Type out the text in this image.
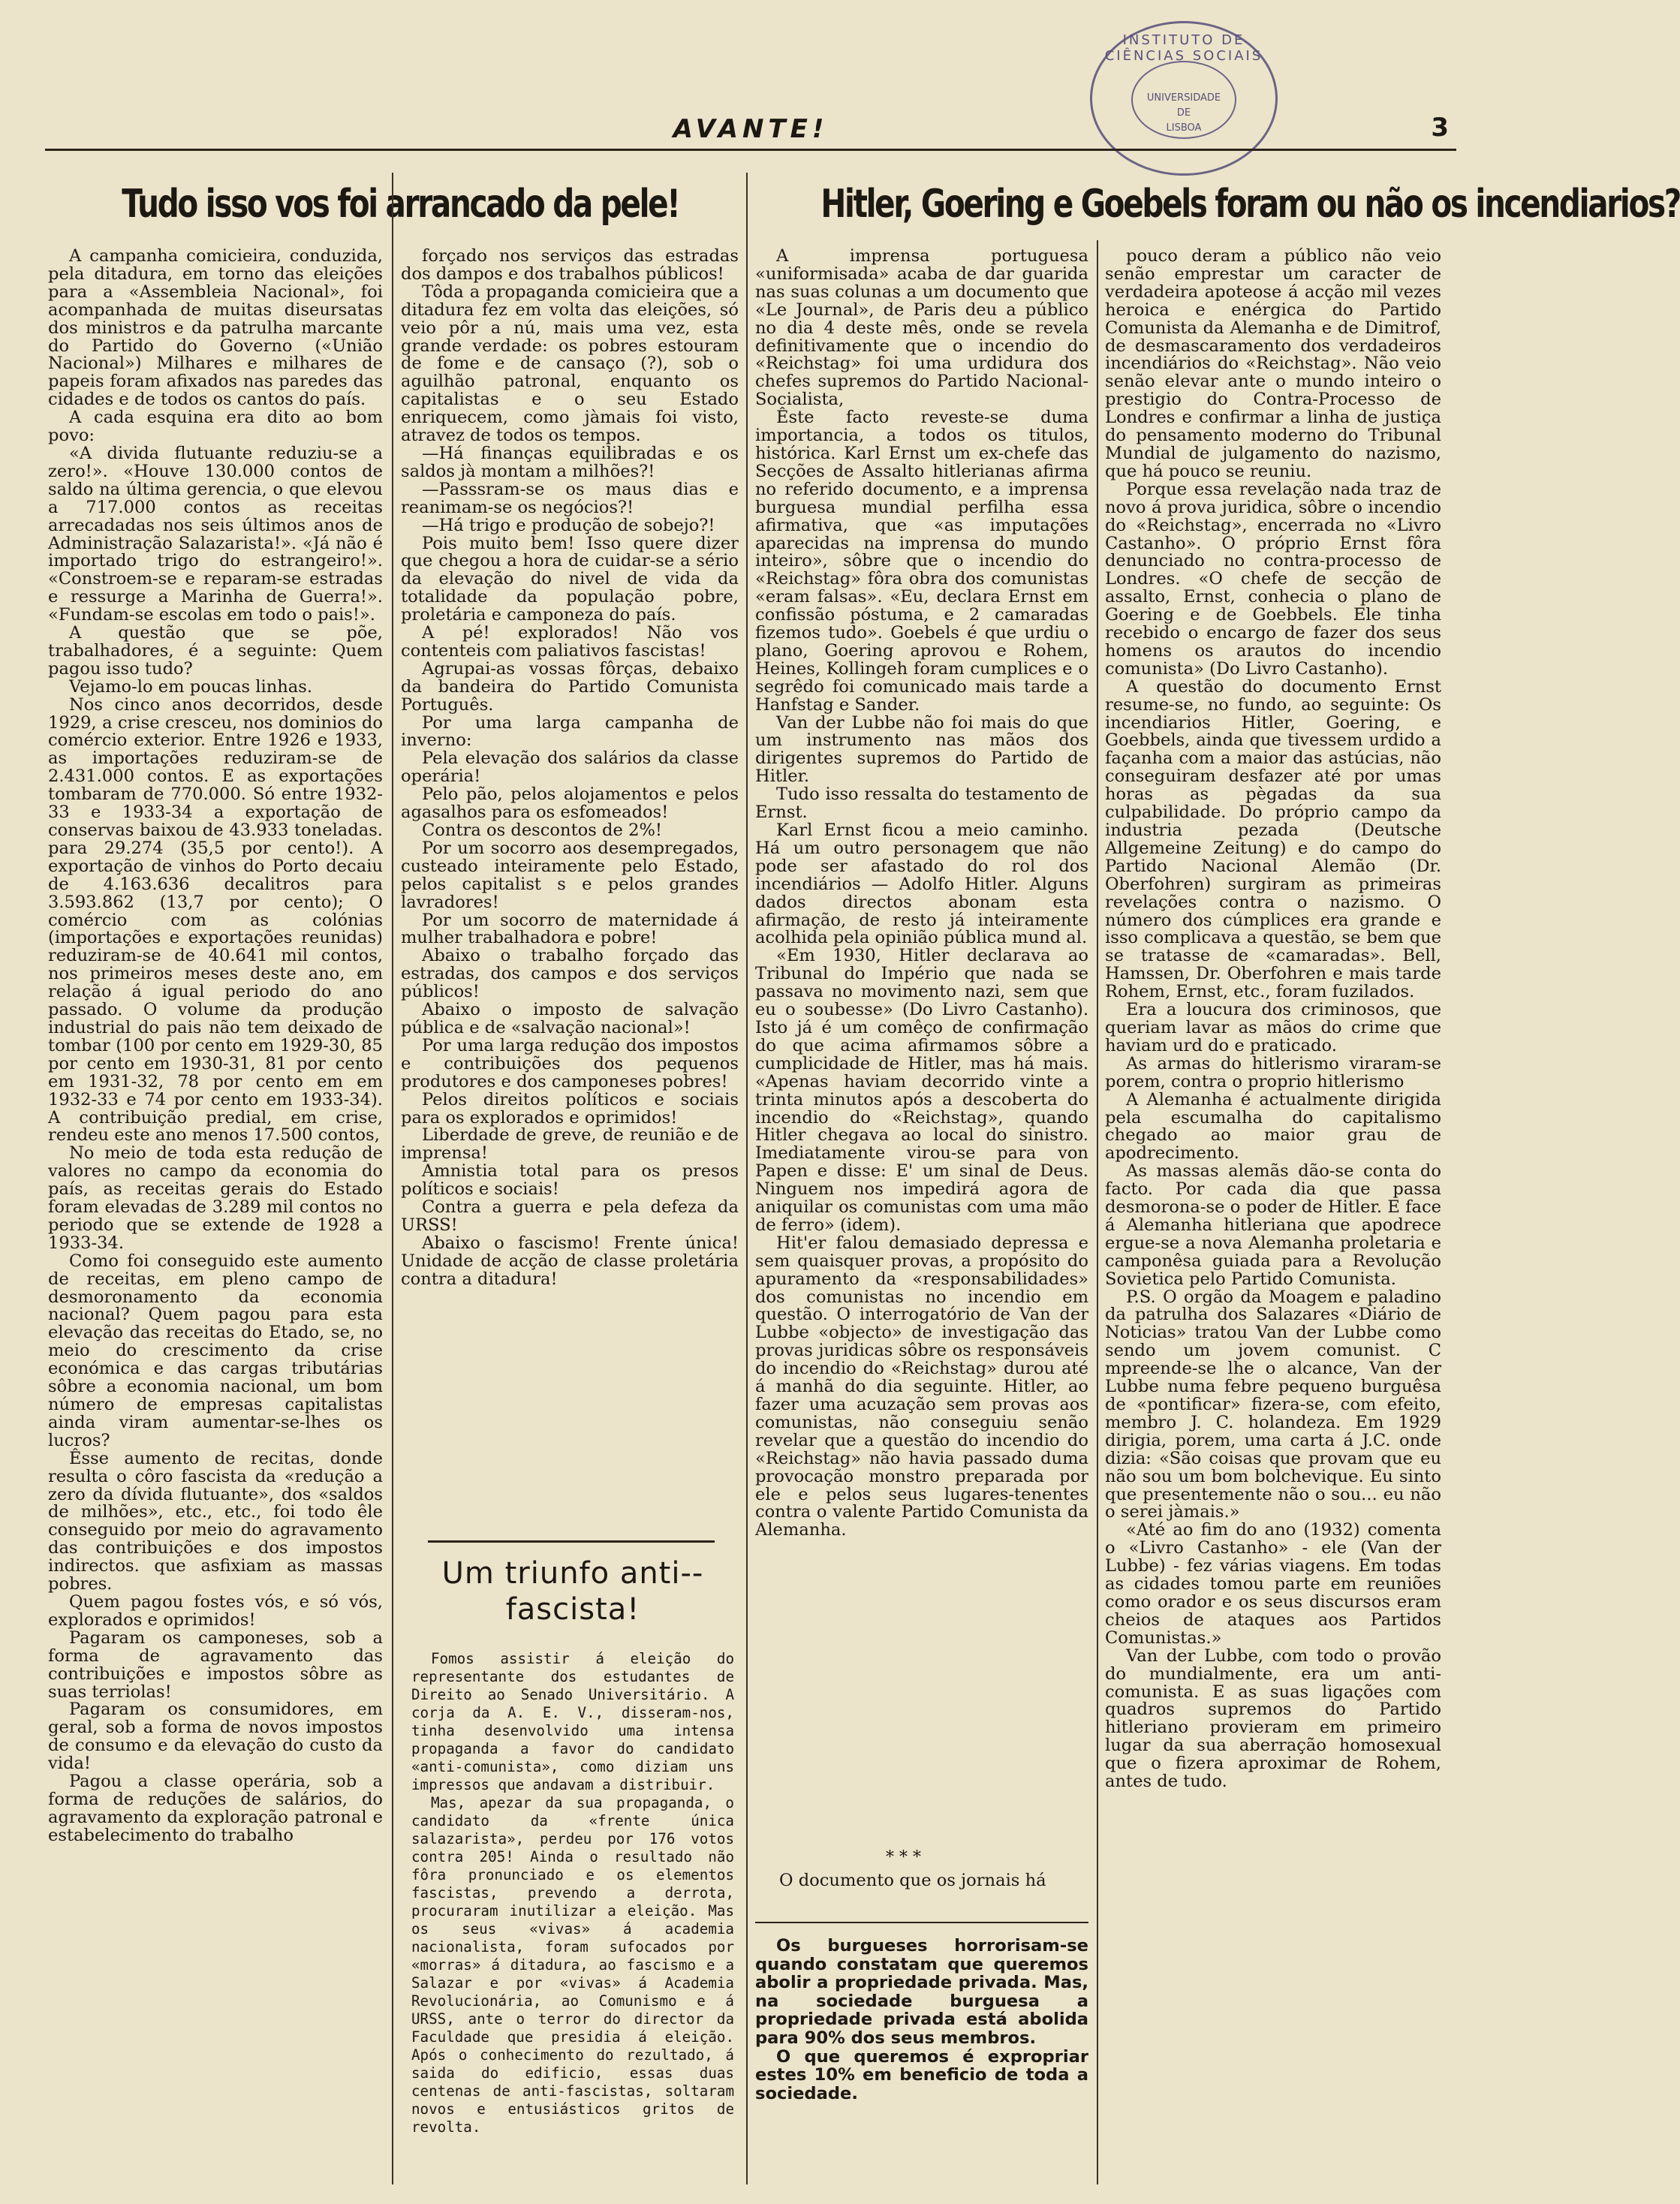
INSTITUTO DE CIÊNCIAS SOCIAIS
UNIVERSIDADE
DE
LISBOA
AVANTE!	3
Tudo isso vos foi arrancado da pele!	Hitler, Goering e Goebels foram ou não os incendiarios?

A campanha comicieira, conduzida, pela ditadura, em torno das eleições para a «Assembleia Nacional», foi acompanhada de muitas diseursatas dos ministros e da patrulha marcante do Partido do Governo («União Nacional») Milhares e milhares de papeis foram afixados nas paredes das cidades e de todos os cantos do país.

A cada esquina era dito ao bom povo:

«A divida flutuante reduziu-se a zero!». «Houve 130.000 contos de saldo na última gerencia, o que elevou a 717.000 contos as receitas arrecadadas nos seis últimos anos de Administração Salazarista!». «Já não é importado trigo do estrangeiro!». «Constroem-se e reparam-se estradas e ressurge a Marinha de Guerra!». «Fundam-se escolas em todo o pais!».

A questão que se põe, trabalhadores, é a seguinte: Quem pagou isso tudo?

Vejamo-lo em poucas linhas.

Nos cinco anos decorridos, desde 1929, a crise cresceu, nos dominios do comércio exterior. Entre 1926 e 1933, as importações reduziram-se de 2.431.000 contos. E as exportações tombaram de 770.000. Só entre 1932-33 e 1933-34 a exportação de conservas baixou de 43.933 toneladas. para 29.274 (35,5 por cento!). A exportação de vinhos do Porto decaiu de 4.163.636 decalitros para 3.593.862 (13,7 por cento); O comércio com as colónias (importações e exportações reunidas) reduziram-se de 40.641 mil contos, nos primeiros meses deste ano, em relação á igual periodo do ano passado. O volume da produção industrial do pais não tem deixado de tombar (100 por cento em 1929-30, 85 por cento em 1930-31, 81 por cento em 1931-32, 78 por cento em em 1932-33 e 74 por cento em 1933-34). A contribuição predial, em crise, rendeu este ano menos 17.500 contos,

No meio de toda esta redução de valores no campo da economia do país, as receitas gerais do Estado foram elevadas de 3.289 mil contos no periodo que se extende de 1928 a 1933-34.

Como foi conseguido este aumento de receitas, em pleno campo de desmoronamento da economia nacional? Quem pagou para esta elevação das receitas do Etado, se, no meio do crescimento da crise económica e das cargas tributárias sôbre a economia nacional, um bom número de empresas capitalistas ainda viram aumentar-se-lhes os lucros?

Êsse aumento de recitas, donde resulta o côro fascista da «redução a zero da dívida flutuante», dos «saldos de milhões», etc., etc., foi todo êle conseguido por meio do agravamento das contribuições e dos impostos indirectos. que asfixiam as massas pobres.

Quem pagou fostes vós, e só vós, explorados e oprimidos!

Pagaram os camponeses, sob a forma de agravamento das contribuições e impostos sôbre as suas terriolas!

Pagaram os consumidores, em geral, sob a forma de novos impostos de consumo e da elevação do custo da vida!

Pagou a classe operária, sob a forma de reduções de salários, do agravamento da exploração patronal e estabelecimento do trabalho

forçado nos serviços das estradas dos dampos e dos trabalhos públicos!

Tôda a propaganda comicieira que a ditadura fez em volta das eleições, só veio pôr a nú, mais uma vez, esta grande verdade: os pobres estouram de fome e de cansaço (?), sob o aguilhão patronal, enquanto os capitalistas e o seu Estado enriquecem, como jàmais foi visto, atravez de todos os tempos.

—Há finanças equilibradas e os saldos jà montam a milhões?!

—Passsram-se os maus dias e reanimam-se os negócios?!

—Há trigo e produção de sobejo?!

Pois muito bem! Isso quere dizer que chegou a hora de cuidar-se a sério da elevação do nivel de vida da totalidade da população pobre, proletária e camponeza do país.

A pé! explorados! Não vos contenteis com paliativos fascistas!

Agrupai-as vossas fôrças, debaixo da bandeira do Partido Comunista Português.

Por uma larga campanha de inverno:

Pela elevação dos salários da classe operária!

Pelo pão, pelos alojamentos e pelos agasalhos para os esfomeados!

Contra os descontos de 2%!

Por um socorro aos desempregados, custeado inteiramente pelo Estado, pelos capitalist s e pelos grandes lavradores!

Por um socorro de maternidade á mulher trabalhadora e pobre!

Abaixo o trabalho forçado das estradas, dos campos e dos serviços públicos!

Abaixo o imposto de salvação pública e de «salvação nacional»!

Por uma larga redução dos impostos e contribuições dos pequenos produtores e dos camponeses pobres!

Pelos direitos políticos e sociais para os explorados e oprimidos!

Liberdade de greve, de reunião e de imprensa!

Amnistia total para os presos políticos e sociais!

Contra a guerra e pela defeza da URSS!

Abaixo o fascismo! Frente única! Unidade de acção de classe proletária contra a ditadura!

Um triunfo anti--fascista!

Fomos assistir á eleição do representante dos estudantes de Direito ao Senado Universitário. A corja da A. E. V., disseram-nos, tinha desenvolvido uma intensa propaganda a favor do candidato «anti-comunista», como diziam uns impressos que andavam a distribuir.

Mas, apezar da sua propaganda, o candidato da «frente única salazarista», perdeu por 176 votos contra 205! Ainda o resultado não fôra pronunciado e os elementos fascistas, prevendo a derrota, procuraram inutilizar a eleição. Mas os seus «vivas» á academia nacionalista, foram sufocados por «morras» á ditadura, ao fascismo e a Salazar e por «vivas» á Academia Revolucionária, ao Comunismo e á URSS, ante o terror do director da Faculdade que presidia á eleição. Após o conhecimento do rezultado, á saida do edificio, essas duas centenas de anti-fascistas, soltaram novos e entusiásticos gritos de revolta.

A imprensa portuguesa «uniformisada» acaba de dar guarida nas suas colunas a um documento que «Le Journal», de Paris deu a público no dia 4 deste mês, onde se revela definitivamente que o incendio do «Reichstag» foi uma urdidura dos chefes supremos do Partido Nacional-Socialista,

Êste facto reveste-se duma importancia, a todos os titulos, histórica. Karl Ernst um ex-chefe das Secções de Assalto hitlerianas afirma no referido documento, e a imprensa burguesa mundial perfilha essa afirmativa, que «as imputações aparecidas na imprensa do mundo inteiro», sôbre que o incendio do «Reichstag» fôra obra dos comunistas «eram falsas». «Eu, declara Ernst em confissão póstuma, e 2 camaradas fizemos tudo». Goebels é que urdiu o plano, Goering aprovou e Rohem, Heines, Kollingeh foram cumplices e o segrêdo foi comunicado mais tarde a Hanfstag e Sander.

Van der Lubbe não foi mais do que um instrumento nas mãos dos dirigentes supremos do Partido de Hitler.

Tudo isso ressalta do testamento de Ernst.

Karl Ernst ficou a meio caminho. Há um outro personagem que não pode ser afastado do rol dos incendiários — Adolfo Hitler. Alguns dados directos abonam esta afirmação, de resto já inteiramente acolhida pela opinião pública mund al.

«Em 1930, Hitler declarava ao Tribunal do Império que nada se passava no movimento nazi, sem que eu o soubesse» (Do Livro Castanho). Isto já é um comêço de confirmação do que acima afirmamos sôbre a cumplicidade de Hitler, mas há mais. «Apenas haviam decorrido vinte a trinta minutos após a descoberta do incendio do «Reichstag», quando Hitler chegava ao local do sinistro. Imediatamente virou-se para von Papen e disse: E' um sinal de Deus. Ninguem nos impedirá agora de aniquilar os comunistas com uma mão de ferro» (idem).

Hit'er falou demasiado depressa e sem quaisquer provas, a propósito do apuramento da «responsabilidades» dos comunistas no incendio em questão. O interrogatório de Van der Lubbe «objecto» de investigação das provas juridicas sôbre os responsáveis do incendio do «Reichstag» durou até á manhã do dia seguinte. Hitler, ao fazer uma acuzação sem provas aos comunistas, não conseguiu senão revelar que a questão do incendio do «Reichstag» não havia passado duma provocação monstro preparada por ele e pelos seus lugares-tenentes contra o valente Partido Comunista da Alemanha.

* * *
O documento que os jornais há

Os burgueses horrorisam-se quando constatam que queremos abolir a propriedade privada. Mas, na sociedade burguesa a propriedade privada está abolida para 90% dos seus membros.

O que queremos é expropriar estes 10% em beneficio de toda a sociedade.

pouco deram a público não veio senão emprestar um caracter de verdadeira apoteose á acção mil vezes heroica e enérgica do Partido Comunista da Alemanha e de Dimitrof, de desmascaramento dos verdadeiros incendiários do «Reichstag». Não veio senão elevar ante o mundo inteiro o prestigio do Contra-Processo de Londres e confirmar a linha de justiça do pensamento moderno do Tribunal Mundial de julgamento do nazismo, que há pouco se reuniu.

Porque essa revelação nada traz de novo á prova juridica, sôbre o incendio do «Reichstag», encerrada no «Livro Castanho». O próprio Ernst fôra denunciado no contra-processo de Londres. «O chefe de secção de assalto, Ernst, conhecia o plano de Goering e de Goebbels. Ele tinha recebido o encargo de fazer dos seus homens os arautos do incendio comunista» (Do Livro Castanho).

A questão do documento Ernst resume-se, no fundo, ao seguinte: Os incendiarios Hitler, Goering, e Goebbels, ainda que tivessem urdido a façanha com a maior das astúcias, não conseguiram desfazer até por umas horas as pègadas da sua culpabilidade. Do próprio campo da industria pezada (Deutsche Allgemeine Zeitung) e do campo do Partido Nacional Alemão (Dr. Oberfohren) surgiram as primeiras revelações contra o nazismo. O número dos cúmplices era grande e isso complicava a questão, se bem que se tratasse de «camaradas». Bell, Hamssen, Dr. Oberfohren e mais tarde Rohem, Ernst, etc., foram fuzilados.

Era a loucura dos criminosos, que queriam lavar as mãos do crime que haviam urd do e praticado.

As armas do hitlerismo viraram-se porem, contra o proprio hitlerismo

A Alemanha é actualmente dirigida pela escumalha do capitalismo chegado ao maior grau de apodrecimento.

As massas alemãs dão-se conta do facto. Por cada dia que passa desmorona-se o poder de Hitler. E face á Alemanha hitleriana que apodrece ergue-se a nova Alemanha proletaria e camponêsa guiada para a Revolução Sovietica pelo Partido Comunista.

P.S. O orgão da Moagem e paladino da patrulha dos Salazares «Diário de Noticias» tratou Van der Lubbe como sendo um jovem comunist. C mpreende-se lhe o alcance, Van der Lubbe numa febre pequeno burguêsa de «pontificar» fizera-se, com efeito, membro J. C. holandeza. Em 1929 dirigia, porem, uma carta á J.C. onde dizia: «São coisas que provam que eu não sou um bom bolchevique. Eu sinto que presentemente não o sou... eu não o serei jàmais.»

«Até ao fim do ano (1932) comenta o «Livro Castanho» - ele (Van der Lubbe) - fez várias viagens. Em todas as cidades tomou parte em reuniões como orador e os seus discursos eram cheios de ataques aos Partidos Comunistas.»

Van der Lubbe, com todo o provão do mundialmente, era um anti-comunista. E as suas ligações com quadros supremos do Partido hitleriano provieram em primeiro lugar da sua aberração homosexual que o fizera aproximar de Rohem, antes de tudo.
